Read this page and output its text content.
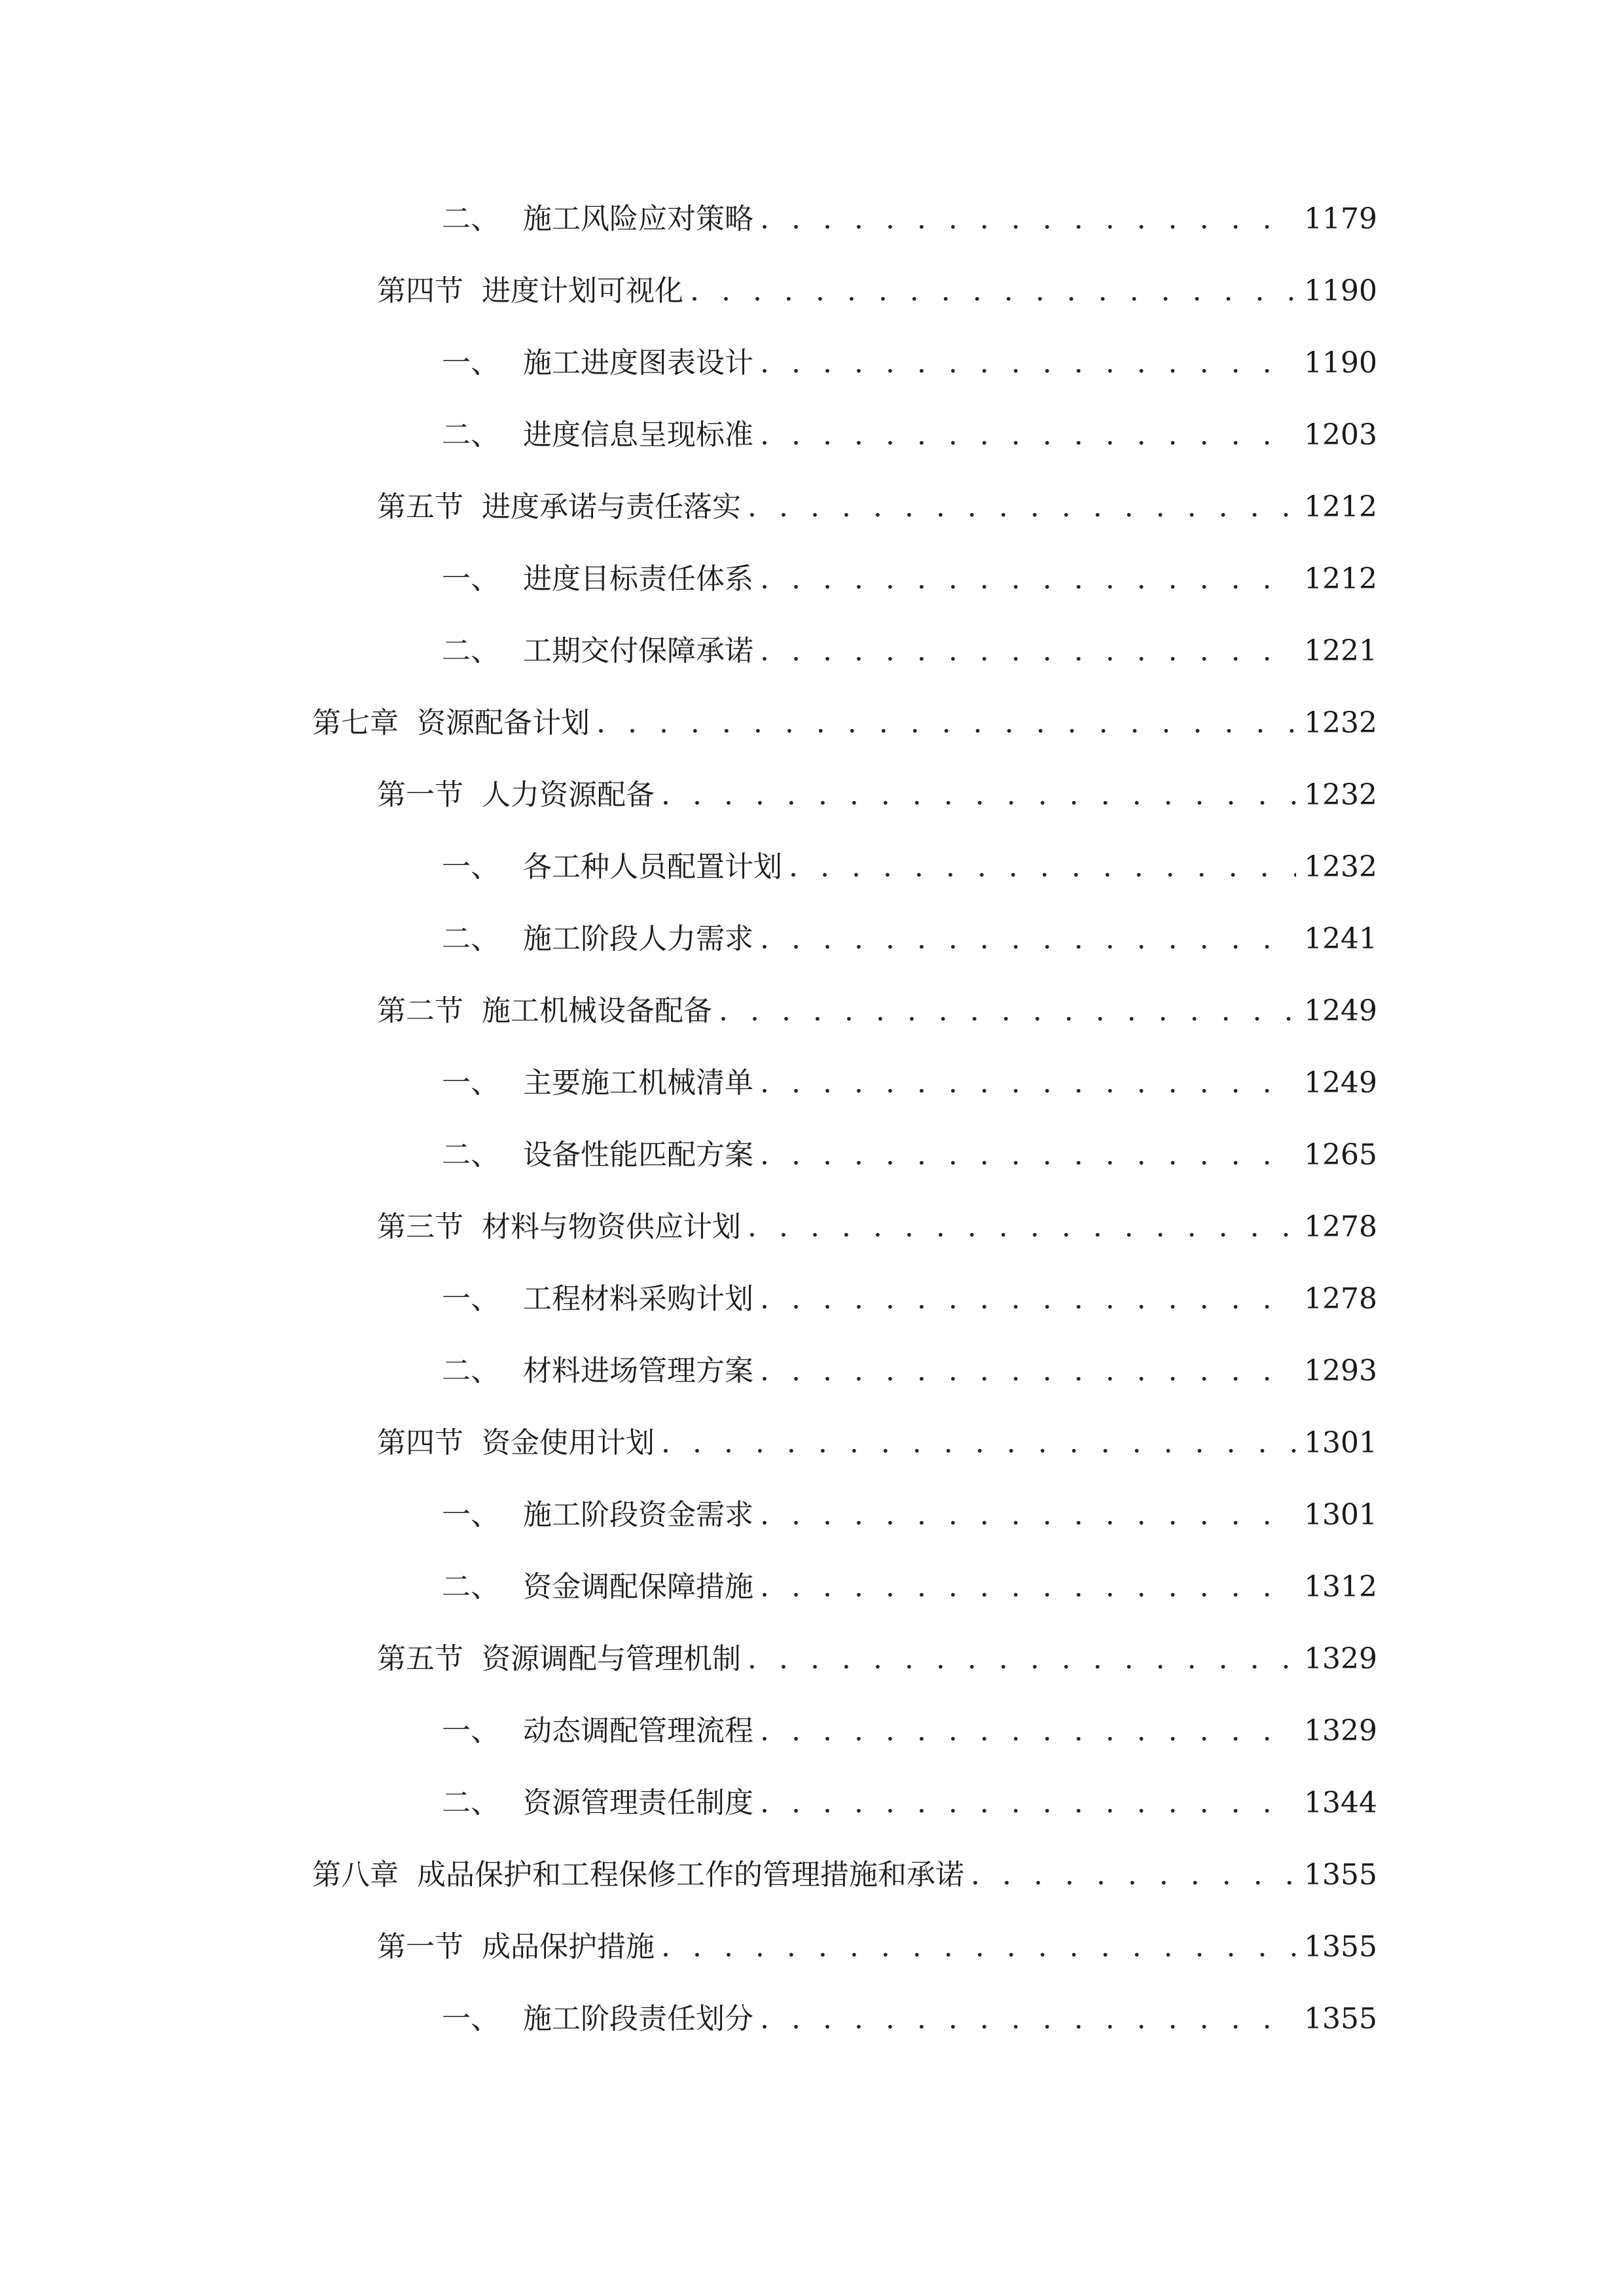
二、 施工风险应对策略 . . .	1179
第四节 进度计划可视化 . . .	1190
一、 施工进度图表设计 . . .	1190
二、 进度信息呈现标准 . . .	1203
第五节 进度承诺与责任落实 . . .	1212
一、 进度目标责任体系 . . .	1212
二、 工期交付保障承诺 . . .	1221
第七章 资源配备计划 . . .	1232
第一节 人力资源配备 . . .	1232
一、 各工种人员配置计划 . . .	1232
二、 施工阶段人力需求 . . .	1241
第二节 施工机械设备配备 . . .	1249
一、 主要施工机械清单 . . .	1249
二、 设备性能匹配方案 . . .	1265
第三节 材料与物资供应计划 . . .	1278
一、 工程材料采购计划 . . .	1278
二、 材料进场管理方案 . . .	1293
第四节 资金使用计划 . . .	1301
一、 施工阶段资金需求 . . .	1301
二、 资金调配保障措施 . . .	1312
第五节 资源调配与管理机制 . . .	1329
一、 动态调配管理流程 . . .	1329
二、 资源管理责任制度 . . .	1344
第八章 成品保护和工程保修工作的管理措施和承诺 . . .	1355
第一节 成品保护措施 . . .	1355
一、 施工阶段责任划分 . . .	1355
